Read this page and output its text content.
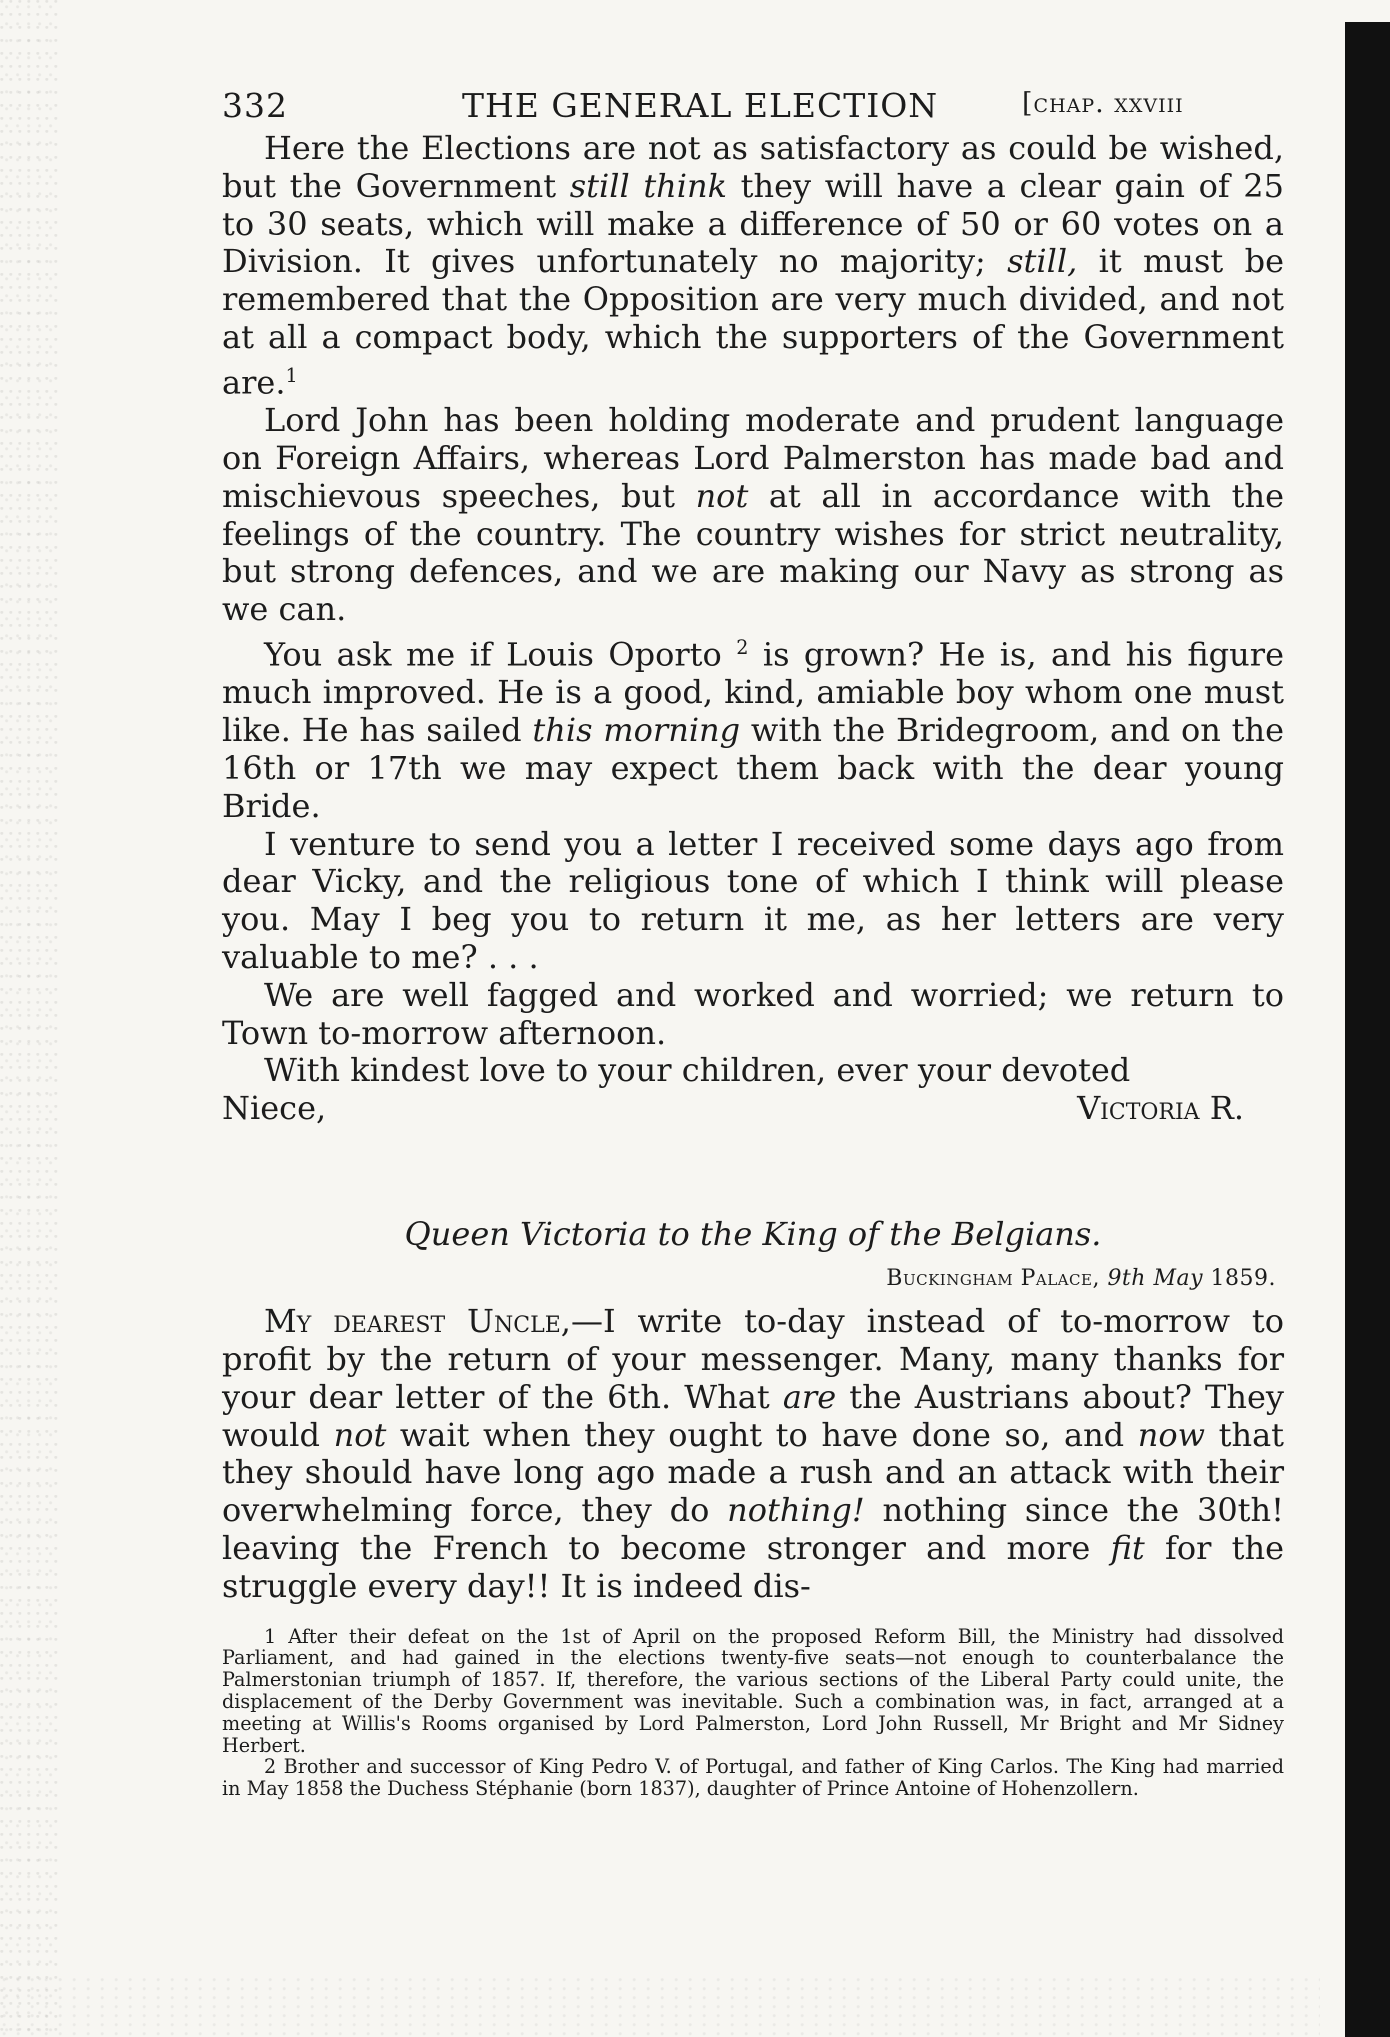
332	THE GENERAL ELECTION	[chap. xxviii

Here the Elections are not as satisfactory as could be wished, but the Government still think they will have a clear gain of 25 to 30 seats, which will make a difference of 50 or 60 votes on a Division. It gives unfortunately no majority; still, it must be remembered that the Opposition are very much divided, and not at all a compact body, which the supporters of the Government are.$^1$

Lord John has been holding moderate and prudent language on Foreign Affairs, whereas Lord Palmerston has made bad and mischievous speeches, but not at all in accordance with the feelings of the country. The country wishes for strict neutrality, but strong defences, and we are making our Navy as strong as we can.

You ask me if Louis Oporto $^2$ is grown? He is, and his figure much improved. He is a good, kind, amiable boy whom one must like. He has sailed this morning with the Bridegroom, and on the 16th or 17th we may expect them back with the dear young Bride.

I venture to send you a letter I received some days ago from dear Vicky, and the religious tone of which I think will please you. May I beg you to return it me, as her letters are very valuable to me? . . .

We are well fagged and worked and worried; we return to Town to-morrow afternoon.

With kindest love to your children, ever your devoted

Niece,	Victoria R.
Queen Victoria to the King of the Belgians.
Buckingham Palace, 9th May 1859.

My dearest Uncle,—I write to-day instead of to-morrow to profit by the return of your messenger. Many, many thanks for your dear letter of the 6th. What are the Austrians about? They would not wait when they ought to have done so, and now that they should have long ago made a rush and an attack with their overwhelming force, they do nothing! nothing since the 30th! leaving the French to become stronger and more fit for the struggle every day!! It is indeed dis-

1 After their defeat on the 1st of April on the proposed Reform Bill, the Ministry had dissolved Parliament, and had gained in the elections twenty-five seats—not enough to counterbalance the Palmerstonian triumph of 1857. If, therefore, the various sections of the Liberal Party could unite, the displacement of the Derby Government was inevitable. Such a combination was, in fact, arranged at a meeting at Willis's Rooms organised by Lord Palmerston, Lord John Russell, Mr Bright and Mr Sidney Herbert.

2 Brother and successor of King Pedro V. of Portugal, and father of King Carlos. The King had married in May 1858 the Duchess Stéphanie (born 1837), daughter of Prince Antoine of Hohenzollern.
